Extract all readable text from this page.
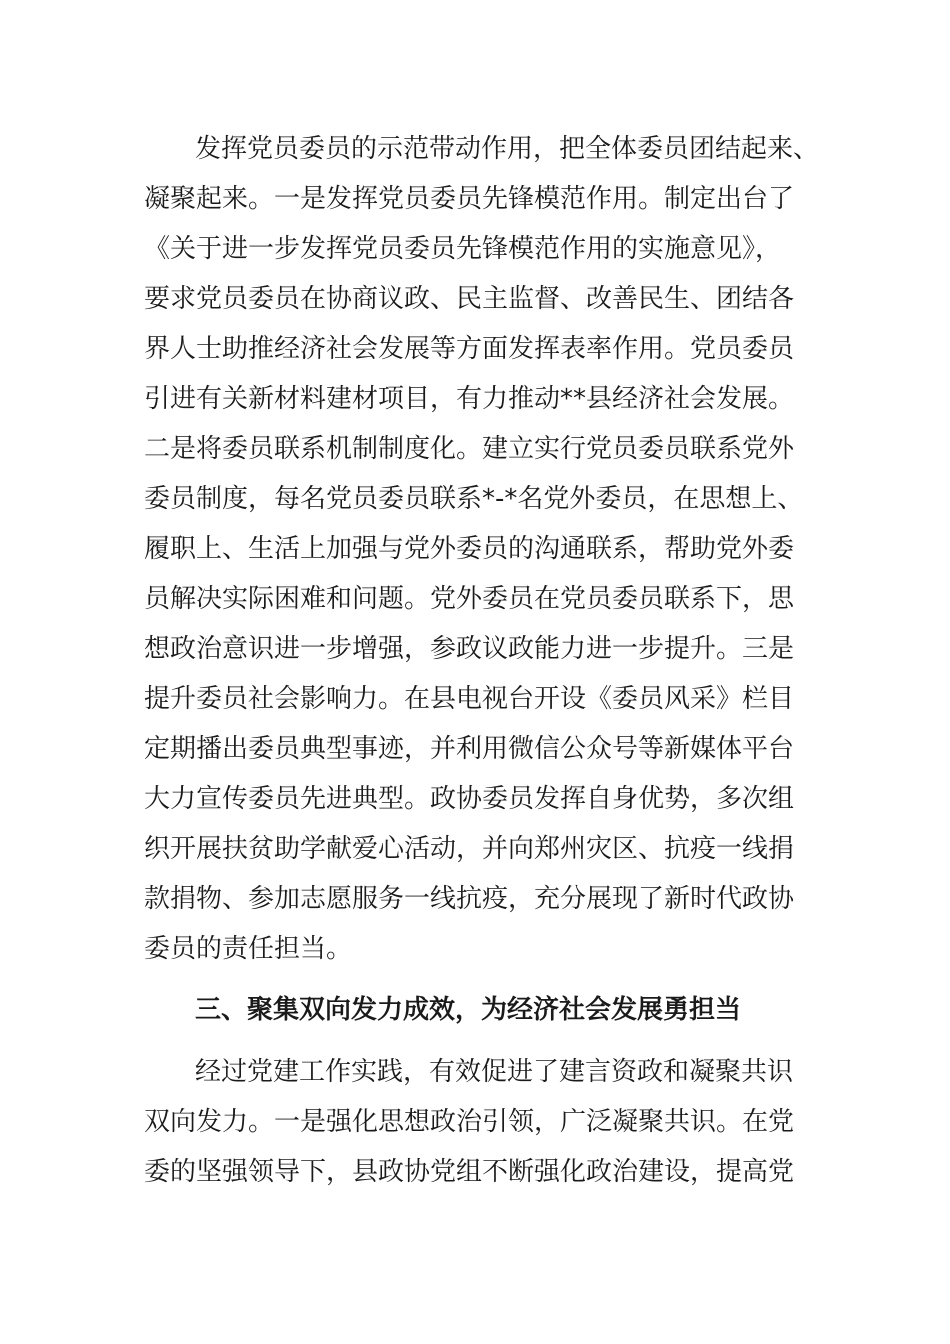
发挥党员委员的示范带动作用，把全体委员团结起来、
凝聚起来。一是发挥党员委员先锋模范作用。制定出台了
《关于进一步发挥党员委员先锋模范作用的实施意见》，
要求党员委员在协商议政、民主监督、改善民生、团结各
界人士助推经济社会发展等方面发挥表率作用。党员委员
引进有关新材料建材项目，有力推动**县经济社会发展。
二是将委员联系机制制度化。建立实行党员委员联系党外
委员制度，每名党员委员联系*-*名党外委员，在思想上、
履职上、生活上加强与党外委员的沟通联系，帮助党外委
员解决实际困难和问题。党外委员在党员委员联系下，思
想政治意识进一步增强，参政议政能力进一步提升。三是
提升委员社会影响力。在县电视台开设《委员风采》栏目
定期播出委员典型事迹，并利用微信公众号等新媒体平台
大力宣传委员先进典型。政协委员发挥自身优势，多次组
织开展扶贫助学献爱心活动，并向郑州灾区、抗疫一线捐
款捐物、参加志愿服务一线抗疫，充分展现了新时代政协
委员的责任担当。
三、聚集双向发力成效，为经济社会发展勇担当
经过党建工作实践，有效促进了建言资政和凝聚共识
双向发力。一是强化思想政治引领，广泛凝聚共识。在党
委的坚强领导下，县政协党组不断强化政治建设，提高党
